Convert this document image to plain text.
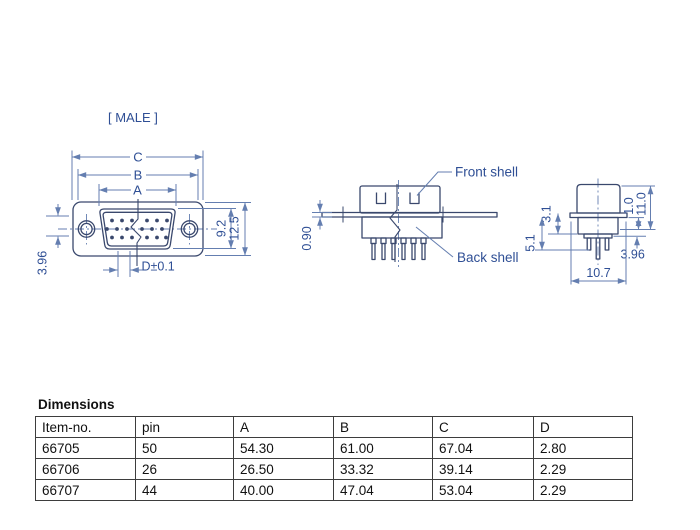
[ MALE ]
C
B
A
9.2 12.5
3.96	D±0.1
0.90
Front shell
Back shell
3.1
5.1
1.0
11.0
3.96
10.7
Dimensions
Item-no.	pin	A	B	C	D
66705	50	54.30	61.00	67.04	2.80
66706	26	26.50	33.32	39.14	2.29
66707	44	40.00	47.04	53.04	2.29
